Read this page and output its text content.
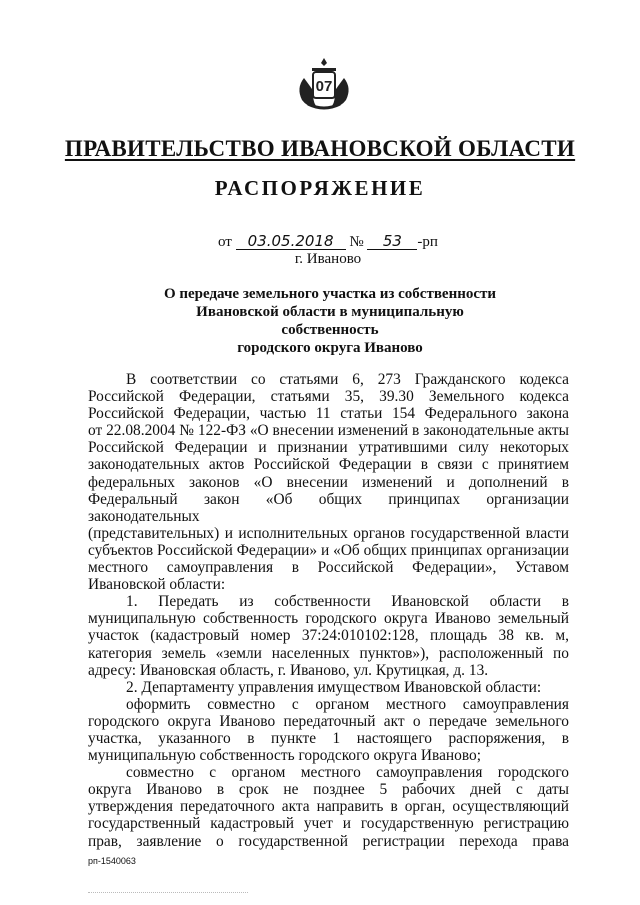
07
ПРАВИТЕЛЬСТВО ИВАНОВСКОЙ ОБЛАСТИ
РАСПОРЯЖЕНИЕ
от 03.05.2018 № 53 -рп
г. Иваново
О передаче земельного участка из собственности
Ивановской области в муниципальную собственность
городского округа Иваново

В соответствии со статьями 6, 273 Гражданского кодекса

Российской Федерации, статьями 35, 39.30 Земельного кодекса

Российской Федерации, частью 11 статьи 154 Федерального закона

от 22.08.2004 № 122-ФЗ «О внесении изменений в законодательные акты

Российской Федерации и признании утратившими силу некоторых

законодательных актов Российской Федерации в связи с принятием

федеральных законов «О внесении изменений и дополнений в

Федеральный закон «Об общих принципах организации законодательных

(представительных) и исполнительных органов государственной власти

субъектов Российской Федерации» и «Об общих принципах организации

местного самоуправления в Российской Федерации», Уставом

Ивановской области:

1. Передать из собственности Ивановской области в

муниципальную собственность городского округа Иваново земельный

участок (кадастровый номер 37:24:010102:128, площадь 38 кв. м,

категория земель «земли населенных пунктов»), расположенный по

адресу: Ивановская область, г. Иваново, ул. Крутицкая, д. 13.

2. Департаменту управления имуществом Ивановской области:

оформить совместно с органом местного самоуправления

городского округа Иваново передаточный акт о передаче земельного

участка, указанного в пункте 1 настоящего распоряжения, в

муниципальную собственность городского округа Иваново;

совместно с органом местного самоуправления городского

округа Иваново в срок не позднее 5 рабочих дней с даты

утверждения передаточного акта направить в орган, осуществляющий

государственный кадастровый учет и государственную регистрацию

прав, заявление о государственной регистрации перехода права

рп-1540063
